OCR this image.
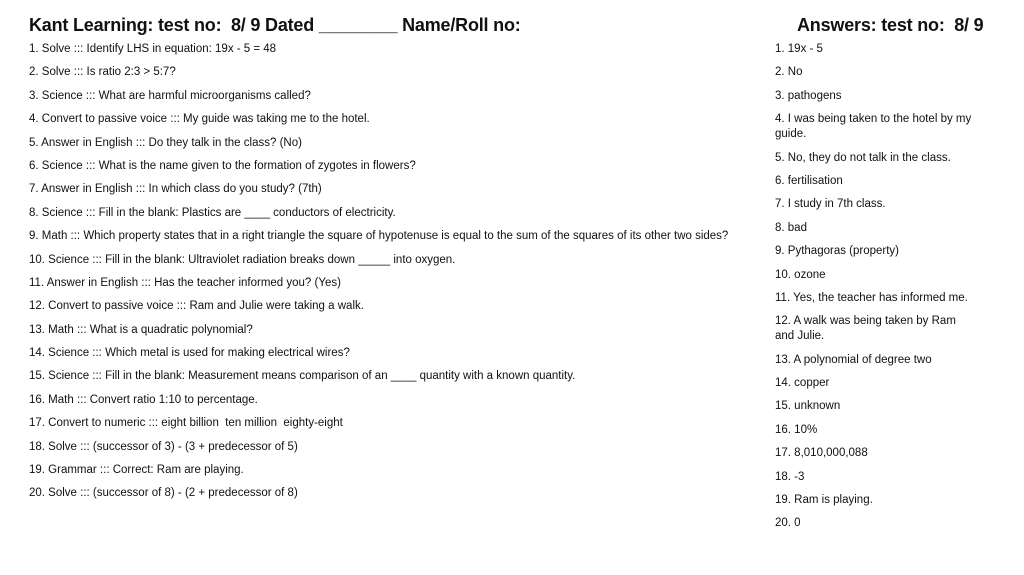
Kant Learning: test no:  8/ 9 Dated ________ Name/Roll no:	Answers: test no:  8/ 9
1. Solve ::: Identify LHS in equation: 19x - 5 = 48
2. Solve ::: Is ratio 2:3 > 5:7?
3. Science ::: What are harmful microorganisms called?
4. Convert to passive voice ::: My guide was taking me to the hotel.
5. Answer in English ::: Do they talk in the class? (No)
6. Science ::: What is the name given to the formation of zygotes in flowers?
7. Answer in English ::: In which class do you study? (7th)
8. Science ::: Fill in the blank: Plastics are ____ conductors of electricity.
9. Math ::: Which property states that in a right triangle the square of hypotenuse is equal to the sum of the squares of its other two sides?
10. Science ::: Fill in the blank: Ultraviolet radiation breaks down _____ into oxygen.
11. Answer in English ::: Has the teacher informed you? (Yes)
12. Convert to passive voice ::: Ram and Julie were taking a walk.
13. Math ::: What is a quadratic polynomial?
14. Science ::: Which metal is used for making electrical wires?
15. Science ::: Fill in the blank: Measurement means comparison of an ____ quantity with a known quantity.
16. Math ::: Convert ratio 1:10 to percentage.
17. Convert to numeric ::: eight billion  ten million  eighty-eight
18. Solve ::: (successor of 3) - (3 + predecessor of 5)
19. Grammar ::: Correct: Ram are playing.
20. Solve ::: (successor of 8) - (2 + predecessor of 8)
1. 19x - 5
2. No
3. pathogens
4. I was being taken to the hotel by my guide.
5. No, they do not talk in the class.
6. fertilisation
7. I study in 7th class.
8. bad
9. Pythagoras (property)
10. ozone
11. Yes, the teacher has informed me.
12. A walk was being taken by Ram and Julie.
13. A polynomial of degree two
14. copper
15. unknown
16. 10%
17. 8,010,000,088
18. -3
19. Ram is playing.
20. 0
